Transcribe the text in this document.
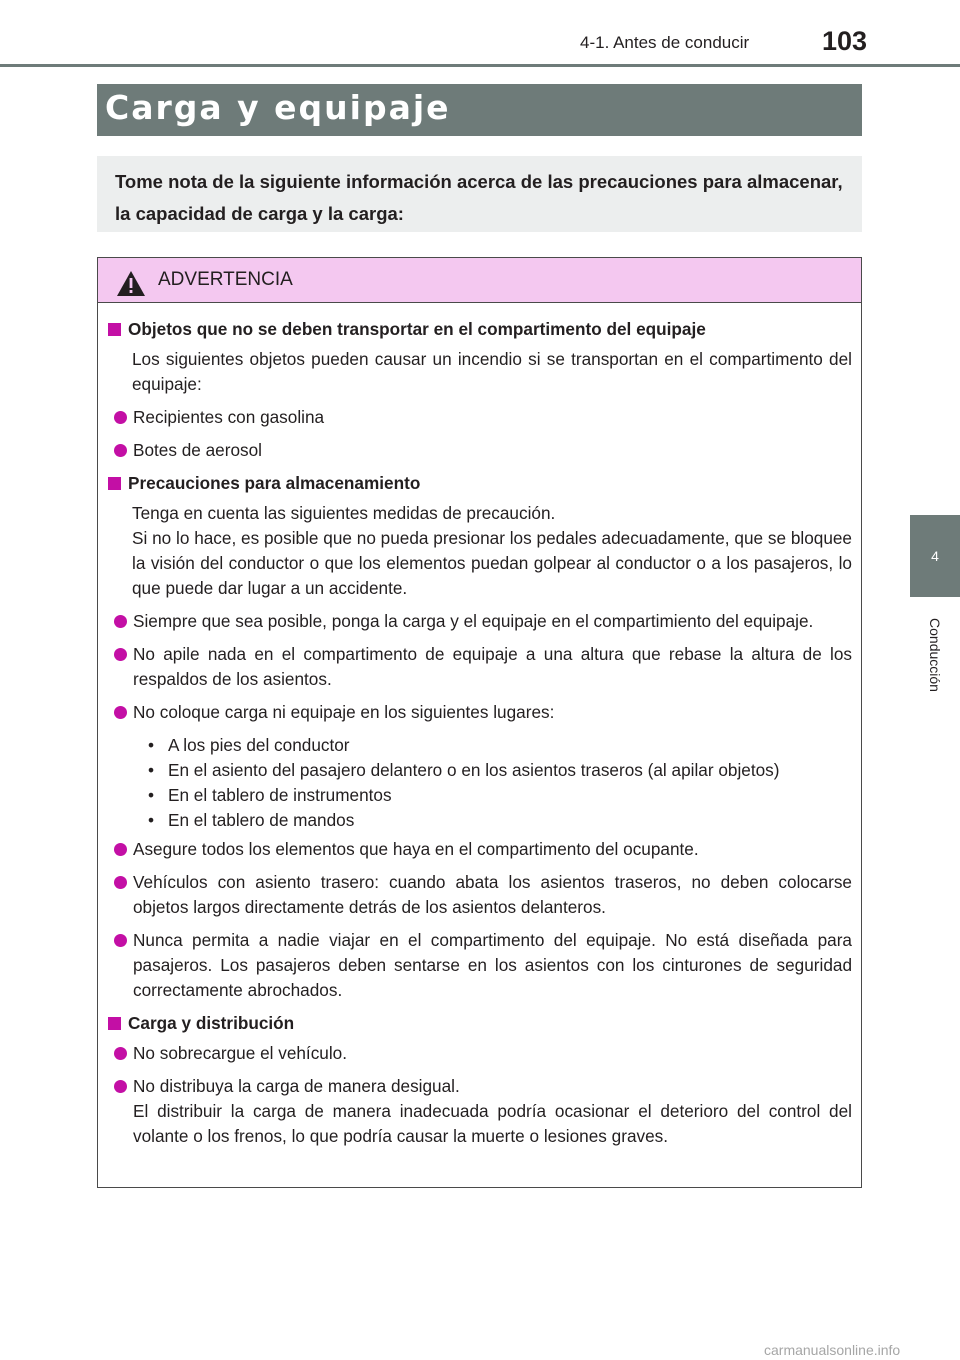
4-1. Antes de conducir	103
4
Conducción
Carga y equipaje
Tome nota de la siguiente información acerca de las precauciones para almacenar, la capacidad de carga y la carga:
ADVERTENCIA
Objetos que no se deben transportar en el compartimento del equipaje
Los siguientes objetos pueden causar un incendio si se transportan en el compartimento del equipaje:
Recipientes con gasolina
Botes de aerosol
Precauciones para almacenamiento
Tenga en cuenta las siguientes medidas de precaución.
Si no lo hace, es posible que no pueda presionar los pedales adecuadamente, que se bloquee la visión del conductor o que los elementos puedan golpear al conductor o a los pasajeros, lo que puede dar lugar a un accidente.
Siempre que sea posible, ponga la carga y el equipaje en el compartimiento del equipaje.
No apile nada en el compartimento de equipaje a una altura que rebase la altura de los respaldos de los asientos.
No coloque carga ni equipaje en los siguientes lugares:
• A los pies del conductor
• En el asiento del pasajero delantero o en los asientos traseros (al apilar objetos)
• En el tablero de instrumentos
• En el tablero de mandos
Asegure todos los elementos que haya en el compartimento del ocupante.
Vehículos con asiento trasero: cuando abata los asientos traseros, no deben colocarse objetos largos directamente detrás de los asientos delanteros.
Nunca permita a nadie viajar en el compartimento del equipaje. No está diseñada para pasajeros. Los pasajeros deben sentarse en los asientos con los cinturones de seguridad correctamente abrochados.
Carga y distribución
No sobrecargue el vehículo.
No distribuya la carga de manera desigual.
El distribuir la carga de manera inadecuada podría ocasionar el deterioro del control del volante o los frenos, lo que podría causar la muerte o lesiones graves.
carmanualsonline.info
